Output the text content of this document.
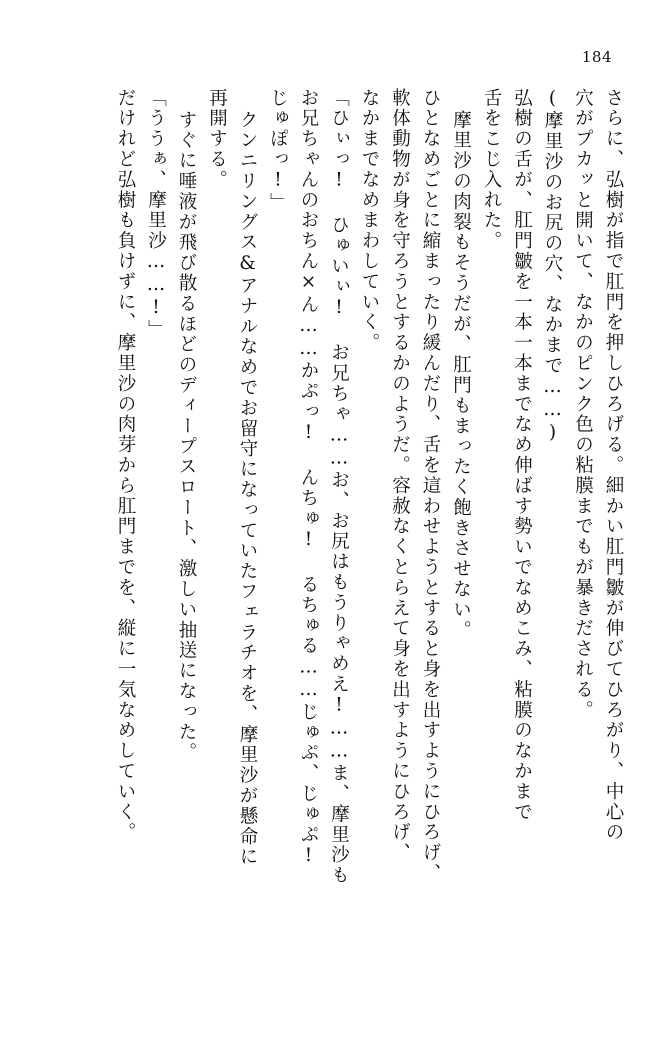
184
さらに、弘樹が指で肛門を押しひろげる。細かい肛門皺が伸びてひろがり、中心の
穴がプカッと開いて、なかのピンク色の粘膜までもが暴きだされる。
(摩里沙のお尻の穴、なかまで……)
弘樹の舌が、肛門皺を一本一本までなめ伸ばす勢いでなめこみ、粘膜のなかまで
舌をこじ入れた。
摩里沙の肉裂もそうだが、肛門もまったく飽きさせない。
ひとなめごとに縮まったり緩んだり、舌を這わせようとすると身を出すようにひろげ、
軟体動物が身を守ろうとするかのようだ。容赦なくとらえて身を出すようにひろげ、
なかまでなめまわしていく。
「ひぃっ! ひゅいぃ! お兄ちゃ……お、お尻はもうりゃめえ!……ま、摩里沙も
お兄ちゃんのおちん×ん……かぷっ! んちゅ! るちゅる……じゅぷ、じゅぷ!
じゅぽっ!」
クンニリングス&アナルなめでお留守になっていたフェラチオを、摩里沙が懸命に
再開する。
すぐに唾液が飛び散るほどのディープスロート、激しい抽送になった。
「ううぁ、摩里沙……!」
だけれど弘樹も負けずに、摩里沙の肉芽から肛門までを、縦に一気なめしていく。
